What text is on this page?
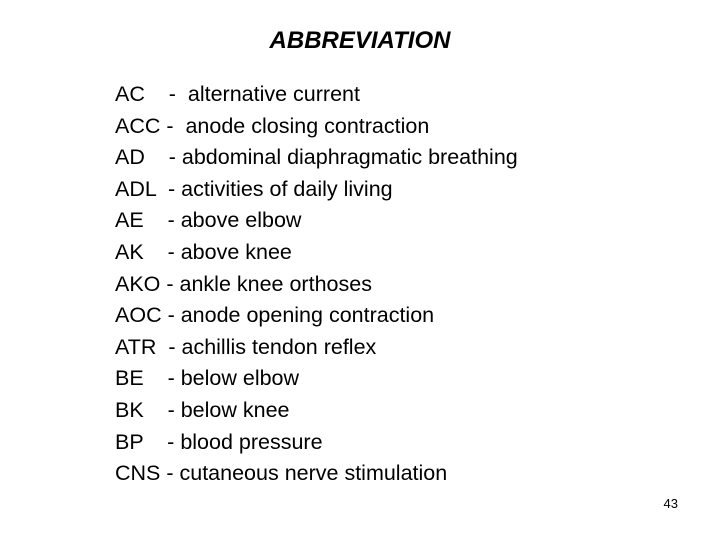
ABBREVIATION
AC    -  alternative current
ACC -  anode closing contraction
AD    - abdominal diaphragmatic breathing
ADL  - activities of daily living
AE    - above elbow
AK    - above knee
AKO - ankle knee orthoses
AOC - anode opening contraction
ATR  - achillis tendon reflex
BE    - below elbow
BK    - below knee
BP    - blood pressure
CNS - cutaneous nerve stimulation
43
